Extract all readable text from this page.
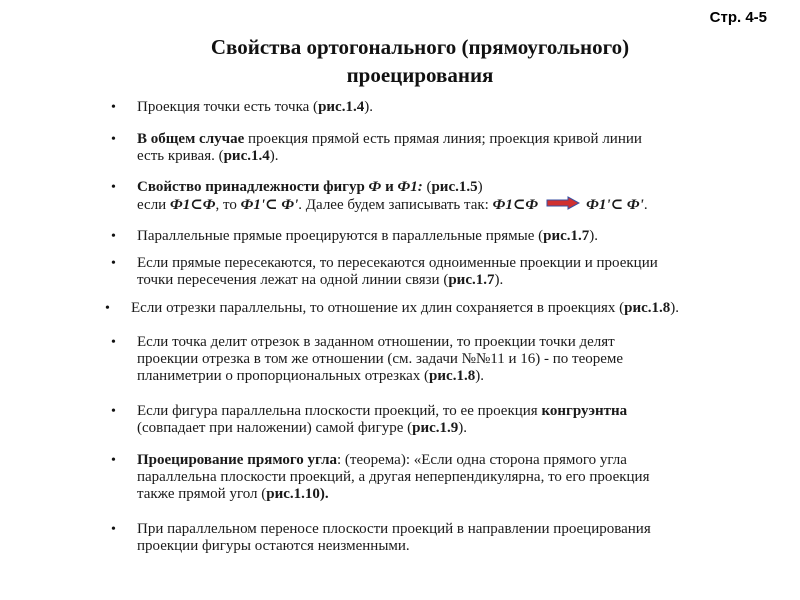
Стр. 4-5
Свойства ортогонального (прямоугольного)
проецирования
• Проекция точки есть точка (рис.1.4).
• В общем случае проекция прямой есть прямая линия; проекция кривой линии
есть кривая. (рис.1.4).
• Свойство принадлежности фигур Ф и Ф1: (рис.1.5)
если Ф1⊂Ф, то Ф1'⊂ Ф'. Далее будем записывать так: Ф1⊂Ф	Ф1'⊂ Ф'.
• Параллельные прямые проецируются в параллельные прямые (рис.1.7).
• Если прямые пересекаются, то пересекаются одноименные проекции и проекции
точки пересечения лежат на одной линии связи (рис.1.7).
• Если отрезки параллельны, то отношение их длин сохраняется в проекциях (рис.1.8).
• Если точка делит отрезок в заданном отношении, то проекции точки делят
проекции отрезка в том же отношении (см. задачи №№11 и 16) - по теореме
планиметрии о пропорциональных отрезках (рис.1.8).
• Если фигура параллельна плоскости проекций, то ее проекция конгруэнтна
(совпадает при наложении) самой фигуре (рис.1.9).
• Проецирование прямого угла: (теорема): «Если одна сторона прямого угла
параллельна плоскости проекций, а другая неперпендикулярна, то его проекция
также прямой угол (рис.1.10).
• При параллельном переносе плоскости проекций в направлении проецирования
проекции фигуры остаются неизменными.
